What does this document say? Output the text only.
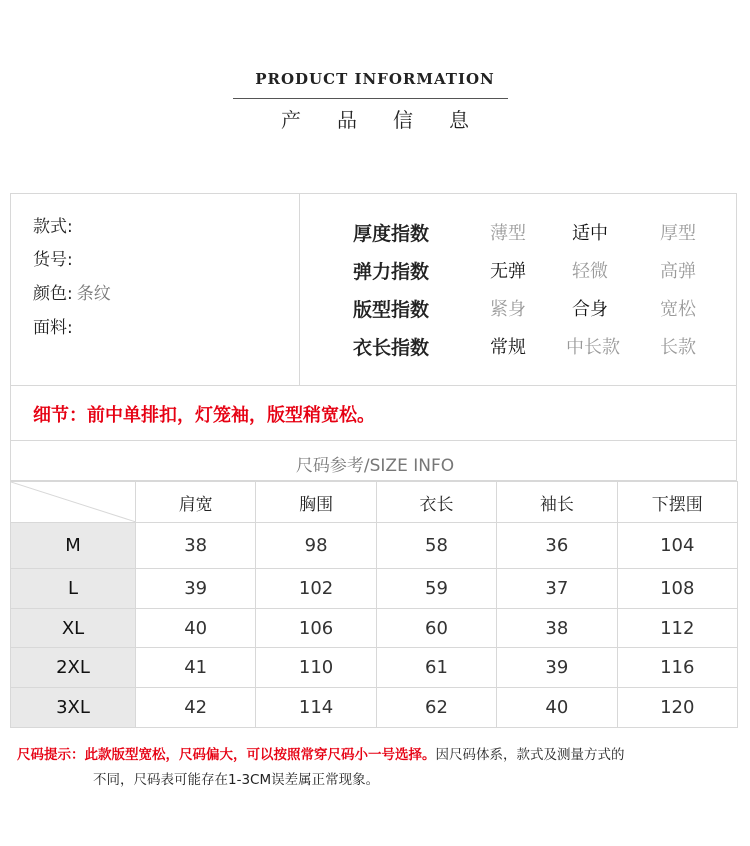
PRODUCT INFORMATION
产 品 信 息
款式:
货号:
颜色: 条纹
面料:
厚度指数	薄型	适中	厚型
弹力指数	无弹	轻微	高弹
版型指数	紧身	合身	宽松
衣长指数	常规 中长款 长款
细节：前中单排扣，灯笼袖，版型稍宽松。
尺码参考/SIZE INFO
	肩宽	胸围	衣长	袖长	下摆围
M	38	98	58	36	104
L	39	102	59	37	108
XL	40	106	60	38	112
2XL	41	110	61	39	116
3XL	42	114	62	40	120
尺码提示：此款版型宽松，尺码偏大，可以按照常穿尺码小一号选择。因尺码体系，款式及测量方式的
不同，尺码表可能存在1-3CM误差属正常现象。
